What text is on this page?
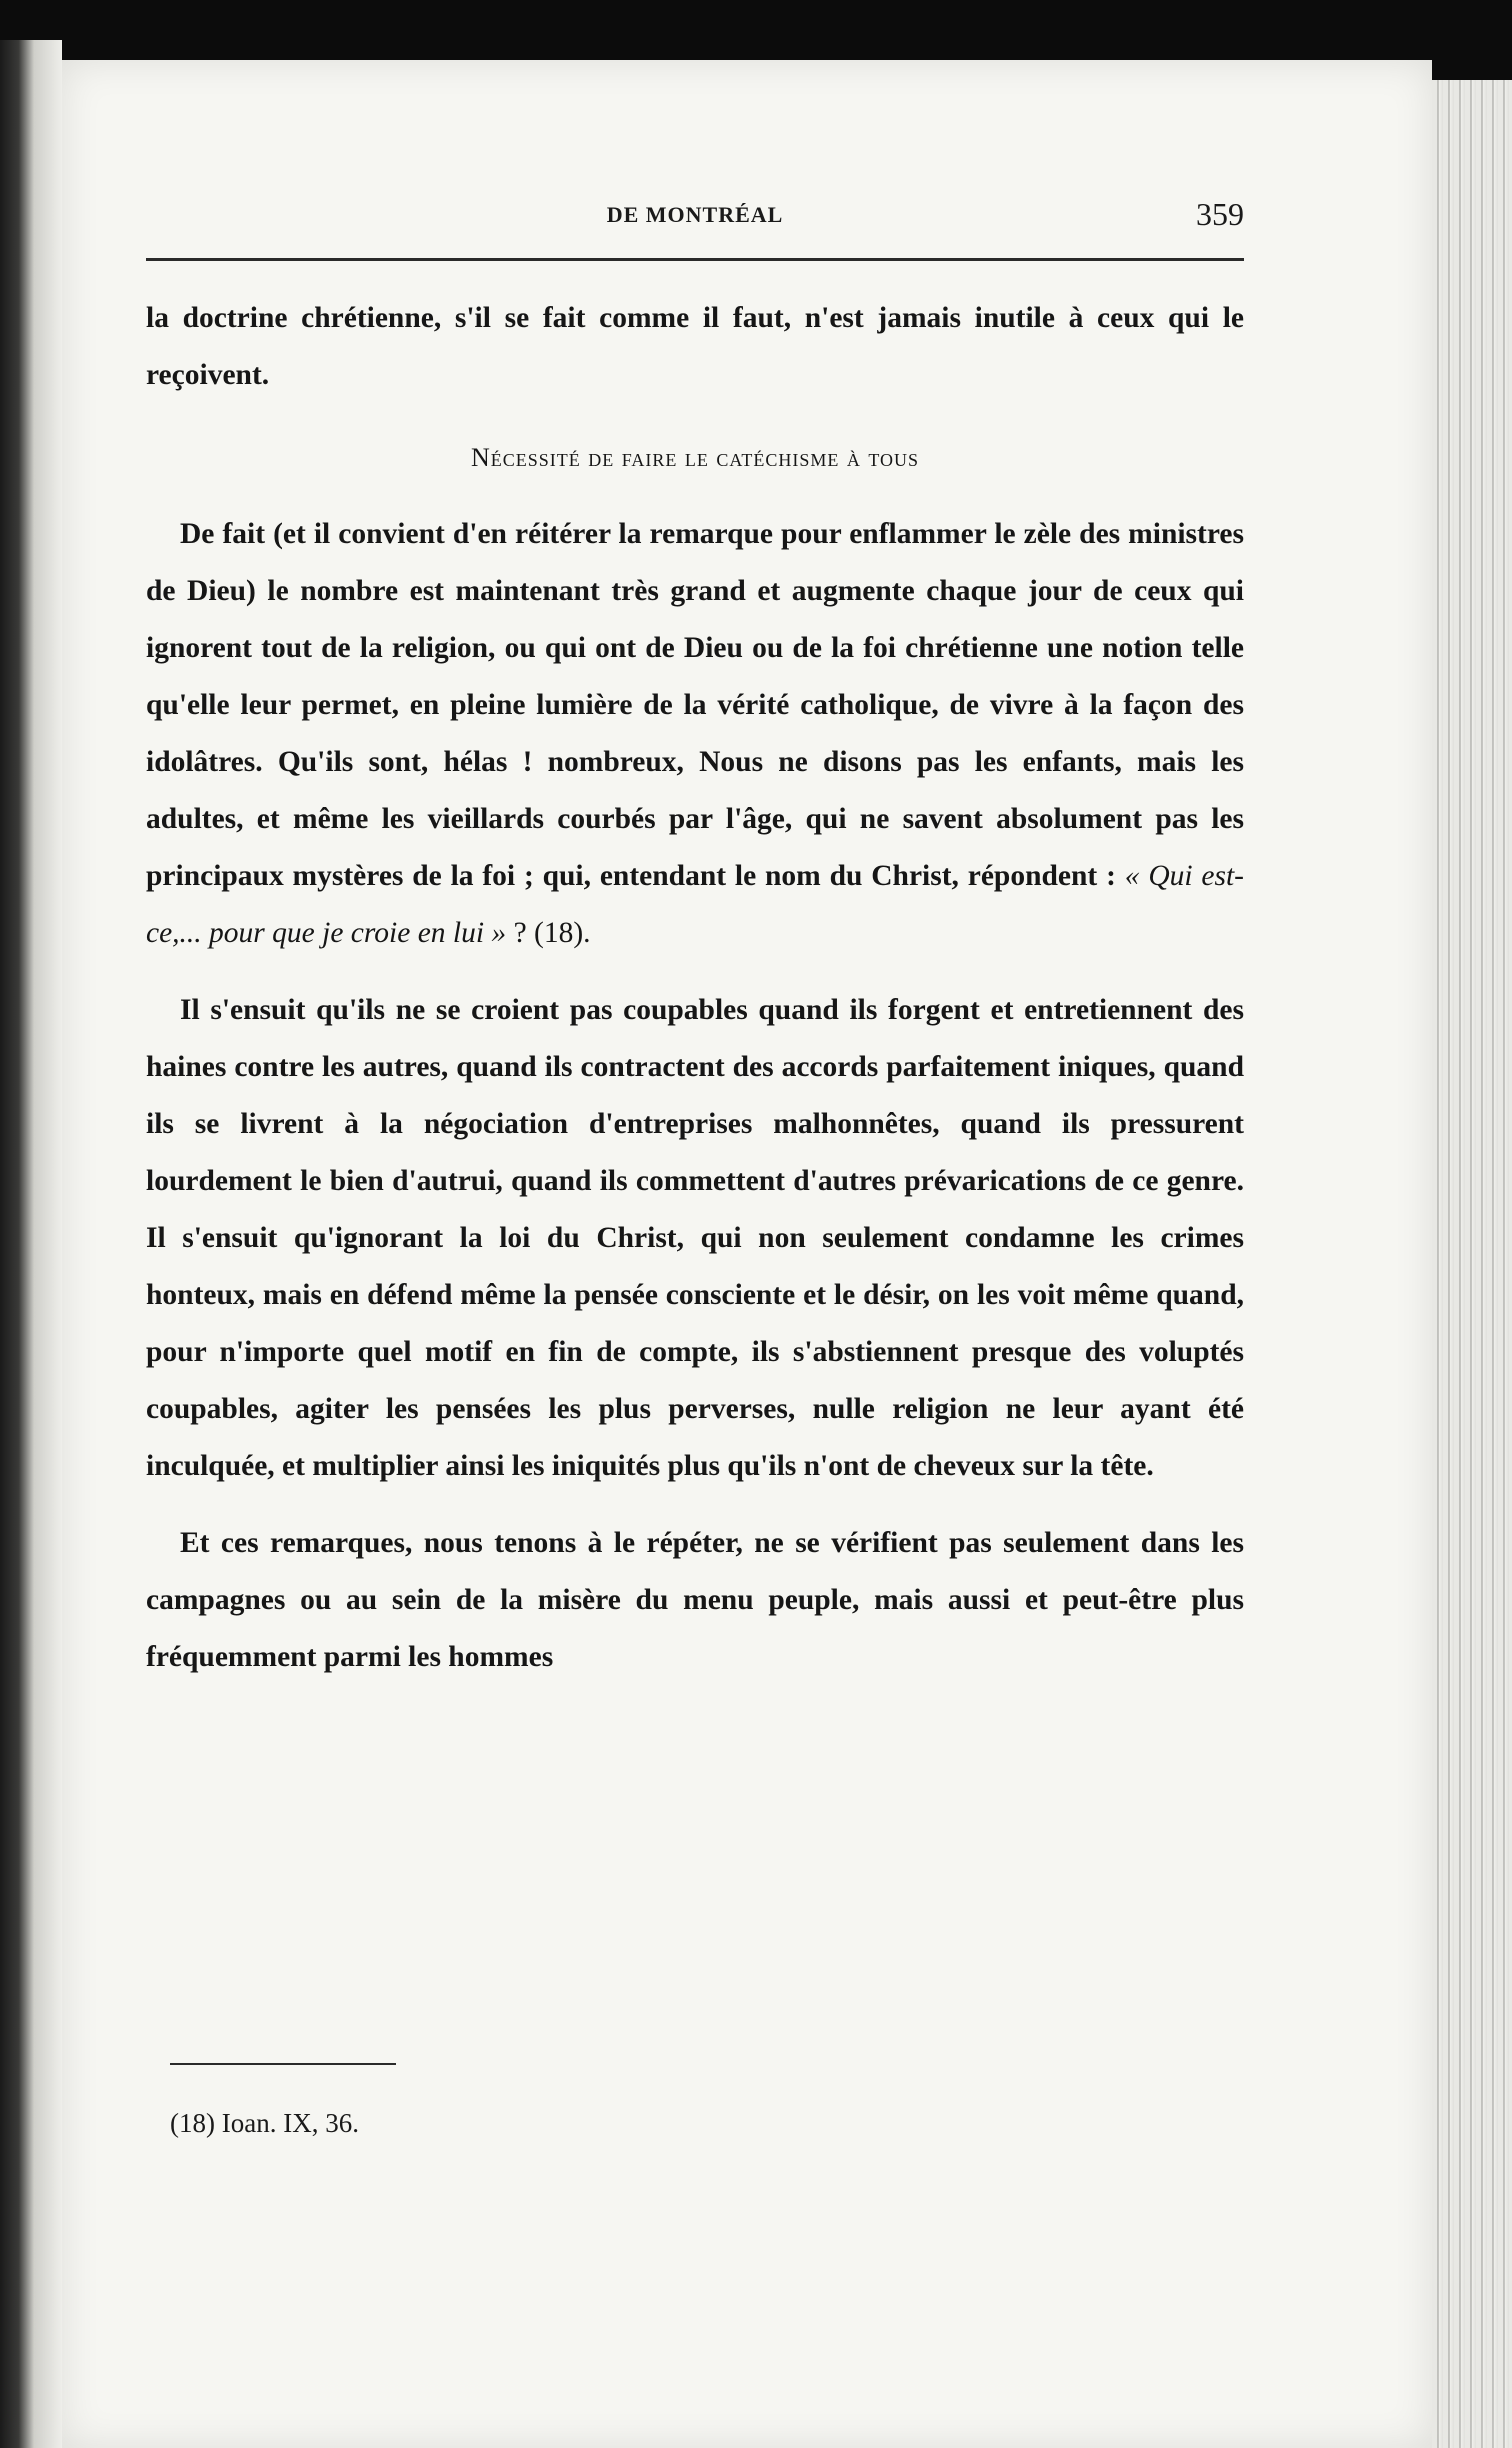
DE MONTRÉAL	359

la doctrine chrétienne, s'il se fait comme il faut, n'est jamais inutile à ceux qui le reçoivent.

Nécessité de faire le catéchisme à tous

De fait (et il convient d'en réitérer la remarque pour enflammer le zèle des ministres de Dieu) le nombre est maintenant très grand et augmente chaque jour de ceux qui ignorent tout de la religion, ou qui ont de Dieu ou de la foi chrétienne une notion telle qu'elle leur permet, en pleine lumière de la vérité catholique, de vivre à la façon des idolâtres. Qu'ils sont, hélas ! nombreux, Nous ne disons pas les enfants, mais les adultes, et même les vieillards courbés par l'âge, qui ne savent absolument pas les principaux mystères de la foi ; qui, entendant le nom du Christ, répondent : « Qui est-ce,... pour que je croie en lui » ? (18).

Il s'ensuit qu'ils ne se croient pas coupables quand ils forgent et entretiennent des haines contre les autres, quand ils contractent des accords parfaitement iniques, quand ils se livrent à la négociation d'entreprises malhonnêtes, quand ils pressurent lourdement le bien d'autrui, quand ils commettent d'autres prévarications de ce genre. Il s'ensuit qu'ignorant la loi du Christ, qui non seulement condamne les crimes honteux, mais en défend même la pensée consciente et le désir, on les voit même quand, pour n'importe quel motif en fin de compte, ils s'abstiennent presque des voluptés coupables, agiter les pensées les plus perverses, nulle religion ne leur ayant été inculquée, et multiplier ainsi les iniquités plus qu'ils n'ont de cheveux sur la tête.

Et ces remarques, nous tenons à le répéter, ne se vérifient pas seulement dans les campagnes ou au sein de la misère du menu peuple, mais aussi et peut-être plus fréquemment parmi les hommes

(18) Ioan. IX, 36.
